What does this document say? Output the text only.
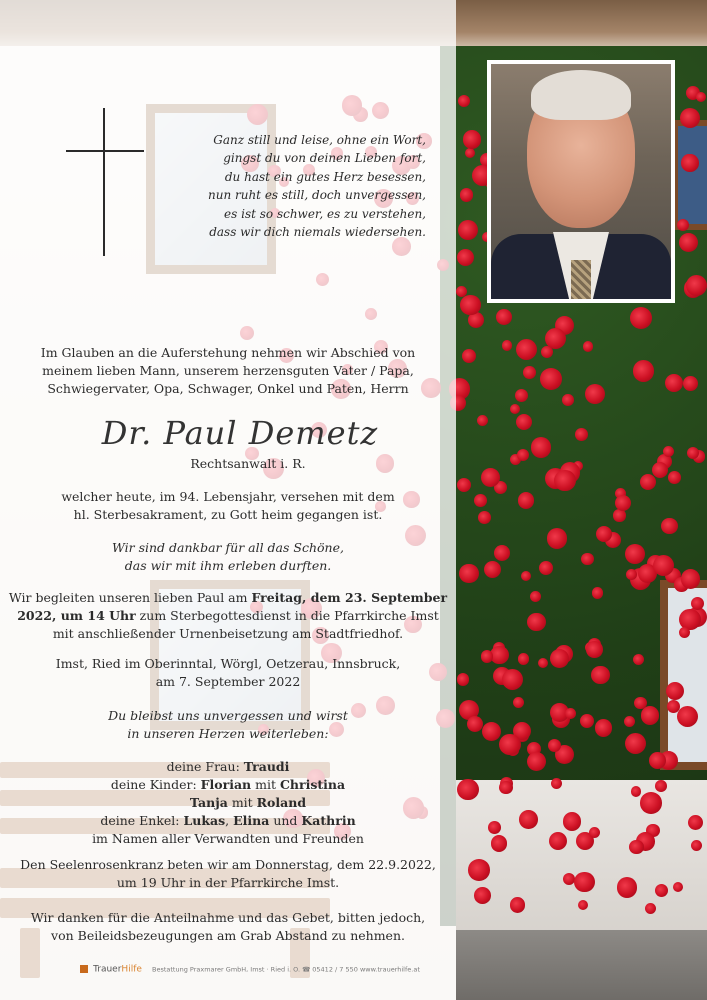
Ganz still und leise, ohne ein Wort,
gingst du von deinen Lieben fort,
du hast ein gutes Herz besessen,
nun ruht es still, doch unvergessen,
es ist so schwer, es zu verstehen,
dass wir dich niemals wiedersehen.
Im Glauben an die Auferstehung nehmen wir Abschied von
meinem lieben Mann, unserem herzensguten Vater / Papa,
Schwiegervater, Opa, Schwager, Onkel und Paten, Herrn
Dr. Paul Demetz
Rechtsanwalt i. R.
welcher heute, im 94. Lebensjahr, versehen mit dem
hl. Sterbesakrament, zu Gott heim gegangen ist.
Wir sind dankbar für all das Schöne,
das wir mit ihm erleben durften.
Wir begleiten unseren lieben Paul am Freitag, dem 23. September
2022, um 14 Uhr zum Sterbegottesdienst in die Pfarrkirche Imst
mit anschließender Urnenbeisetzung am Stadtfriedhof.
Imst, Ried im Oberinntal, Wörgl, Oetzerau, Innsbruck,
am 7. September 2022
Du bleibst uns unvergessen und wirst
in unseren Herzen weiterleben:
deine Frau: Traudi
deine Kinder: Florian mit Christina
Tanja mit Roland
deine Enkel: Lukas, Elina und Kathrin
im Namen aller Verwandten und Freunden
Den Seelenrosenkranz beten wir am Donnerstag, dem 22.9.2022,
um 19 Uhr in der Pfarrkirche Imst.
Wir danken für die Anteilnahme und das Gebet, bitten jedoch,
von Beileidsbezeugungen am Grab Abstand zu nehmen.
TrauerHilfe Bestattung Praxmarer GmbH, Imst · Ried i. O. ☎ 05412 / 7 550 www.trauerhilfe.at
